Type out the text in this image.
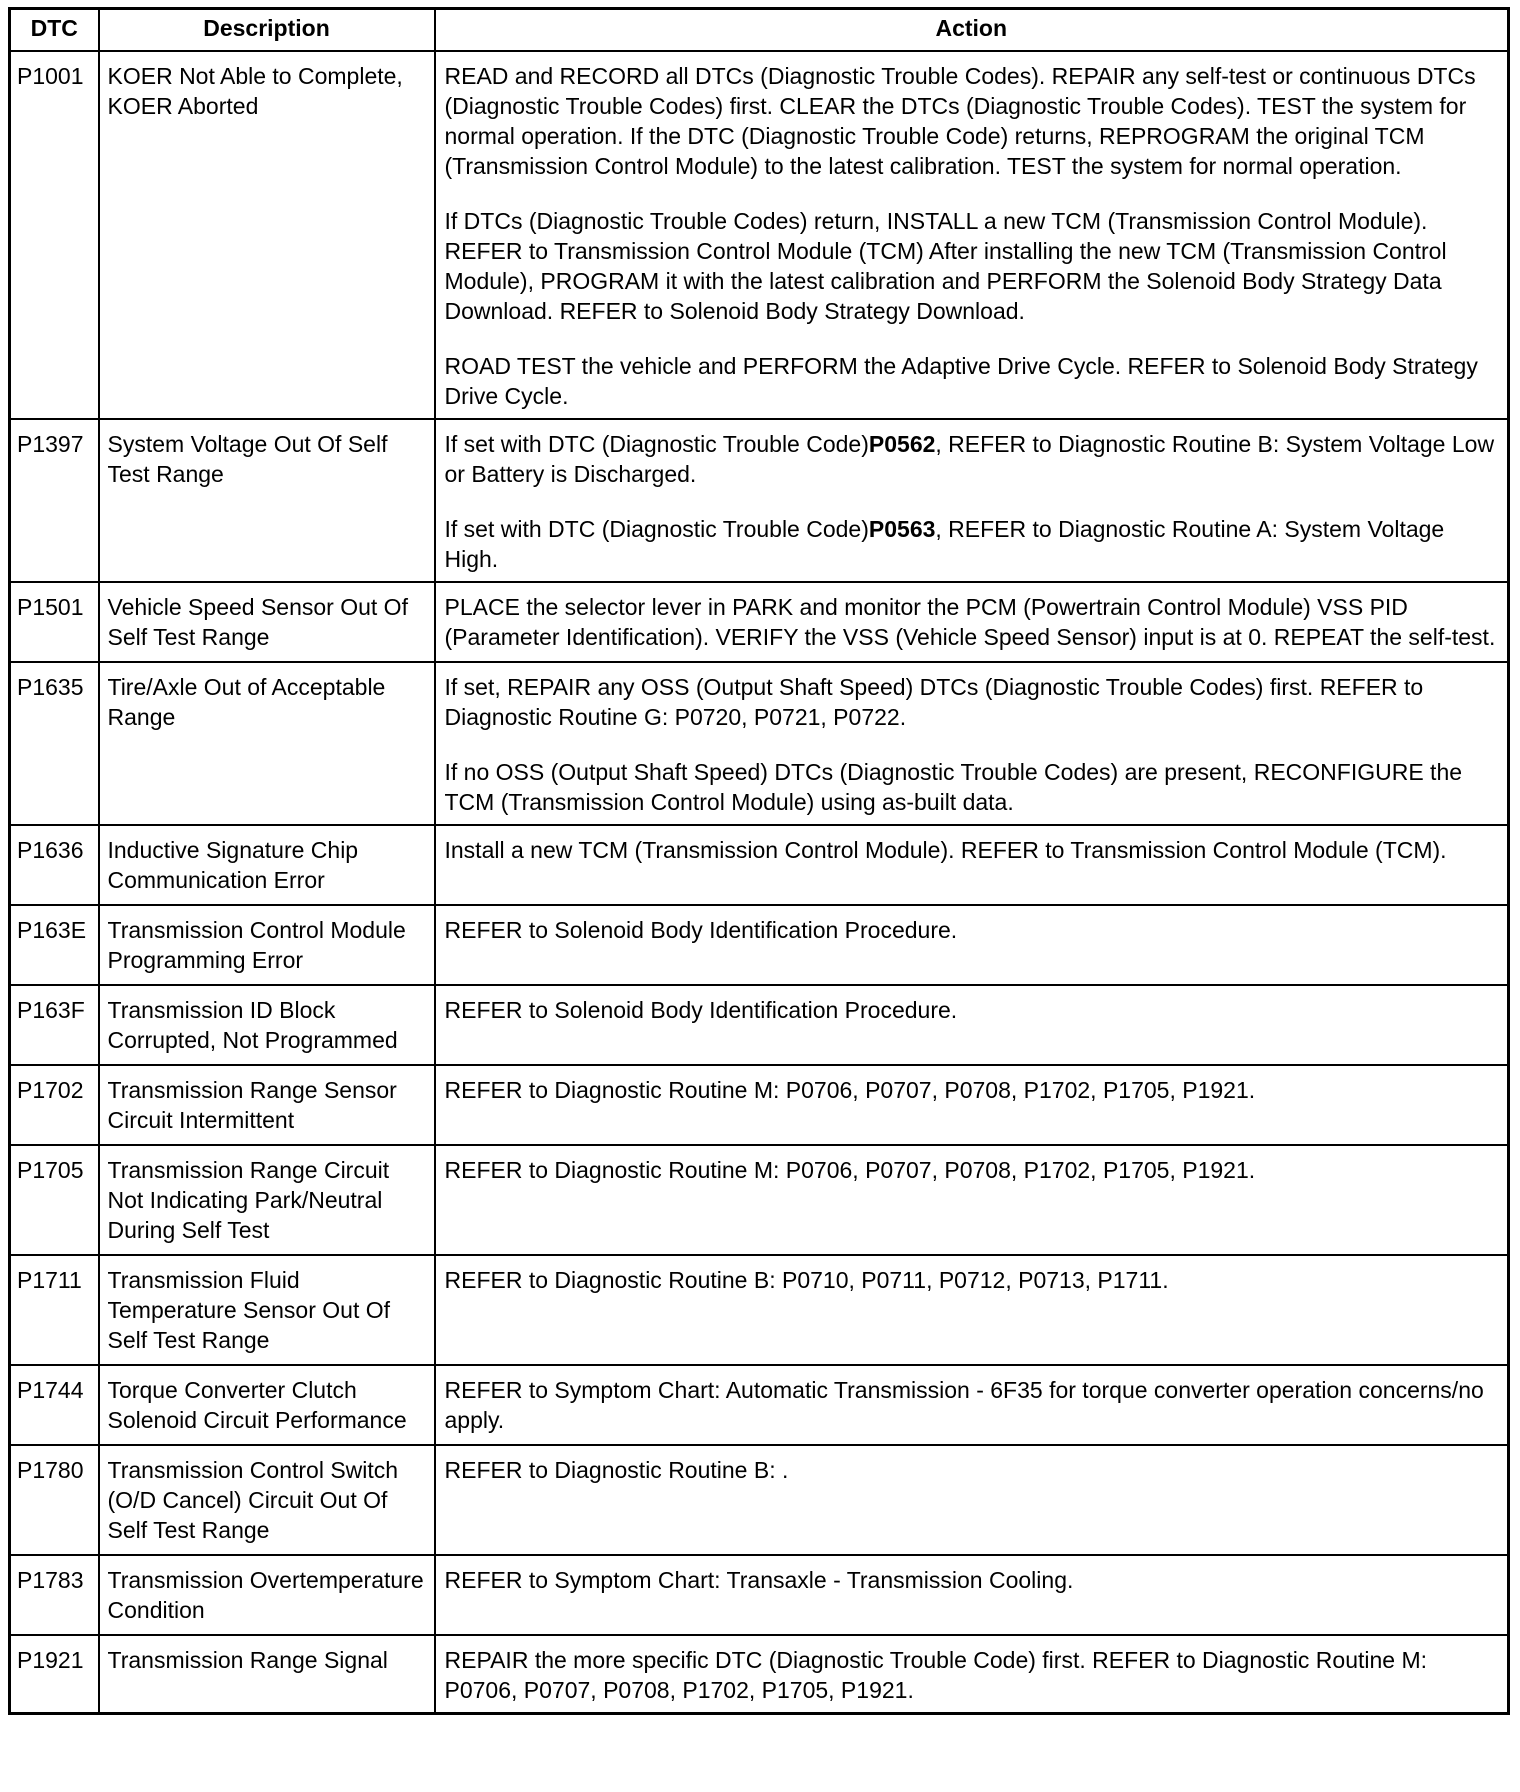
DTC	Description	Action
P1001	KOER Not Able to Complete, KOER Aborted	READ and RECORD all DTCs (Diagnostic Trouble Codes). REPAIR any self-test or continuous DTCs (Diagnostic Trouble Codes) first. CLEAR the DTCs (Diagnostic Trouble Codes). TEST the system for normal operation. If the DTC (Diagnostic Trouble Code) returns, REPROGRAM the original TCM (Transmission Control Module) to the latest calibration. TEST the system for normal operation.

If DTCs (Diagnostic Trouble Codes) return, INSTALL a new TCM (Transmission Control Module). REFER to Transmission Control Module (TCM) After installing the new TCM (Transmission Control Module), PROGRAM it with the latest calibration and PERFORM the Solenoid Body Strategy Data Download. REFER to Solenoid Body Strategy Download.

ROAD TEST the vehicle and PERFORM the Adaptive Drive Cycle. REFER to Solenoid Body Strategy Drive Cycle.

P1397	System Voltage Out Of Self Test Range	If set with DTC (Diagnostic Trouble Code)P0562, REFER to Diagnostic Routine B: System Voltage Low or Battery is Discharged.

If set with DTC (Diagnostic Trouble Code)P0563, REFER to Diagnostic Routine A: System Voltage High.

P1501	Vehicle Speed Sensor Out Of Self Test Range	PLACE the selector lever in PARK and monitor the PCM (Powertrain Control Module) VSS PID (Parameter Identification). VERIFY the VSS (Vehicle Speed Sensor) input is at 0. REPEAT the self-test.

P1635	Tire/Axle Out of Acceptable Range	If set, REPAIR any OSS (Output Shaft Speed) DTCs (Diagnostic Trouble Codes) first. REFER to Diagnostic Routine G: P0720, P0721, P0722.

If no OSS (Output Shaft Speed) DTCs (Diagnostic Trouble Codes) are present, RECONFIGURE the TCM (Transmission Control Module) using as-built data.

P1636	Inductive Signature Chip Communication Error	Install a new TCM (Transmission Control Module). REFER to Transmission Control Module (TCM).

P163E	Transmission Control Module Programming Error	REFER to Solenoid Body Identification Procedure.

P163F	Transmission ID Block Corrupted, Not Programmed	REFER to Solenoid Body Identification Procedure.

P1702	Transmission Range Sensor Circuit Intermittent	REFER to Diagnostic Routine M: P0706, P0707, P0708, P1702, P1705, P1921.

P1705	Transmission Range Circuit Not Indicating Park/Neutral During Self Test	REFER to Diagnostic Routine M: P0706, P0707, P0708, P1702, P1705, P1921.

P1711	Transmission Fluid Temperature Sensor Out Of Self Test Range	REFER to Diagnostic Routine B: P0710, P0711, P0712, P0713, P1711.

P1744	Torque Converter Clutch Solenoid Circuit Performance	REFER to Symptom Chart: Automatic Transmission - 6F35 for torque converter operation concerns/no apply.

P1780	Transmission Control Switch (O/D Cancel) Circuit Out Of Self Test Range	REFER to Diagnostic Routine B: .

P1783	Transmission Overtemperature Condition	REFER to Symptom Chart: Transaxle - Transmission Cooling.

P1921	Transmission Range Signal	REPAIR the more specific DTC (Diagnostic Trouble Code) first. REFER to Diagnostic Routine M: P0706, P0707, P0708, P1702, P1705, P1921.
